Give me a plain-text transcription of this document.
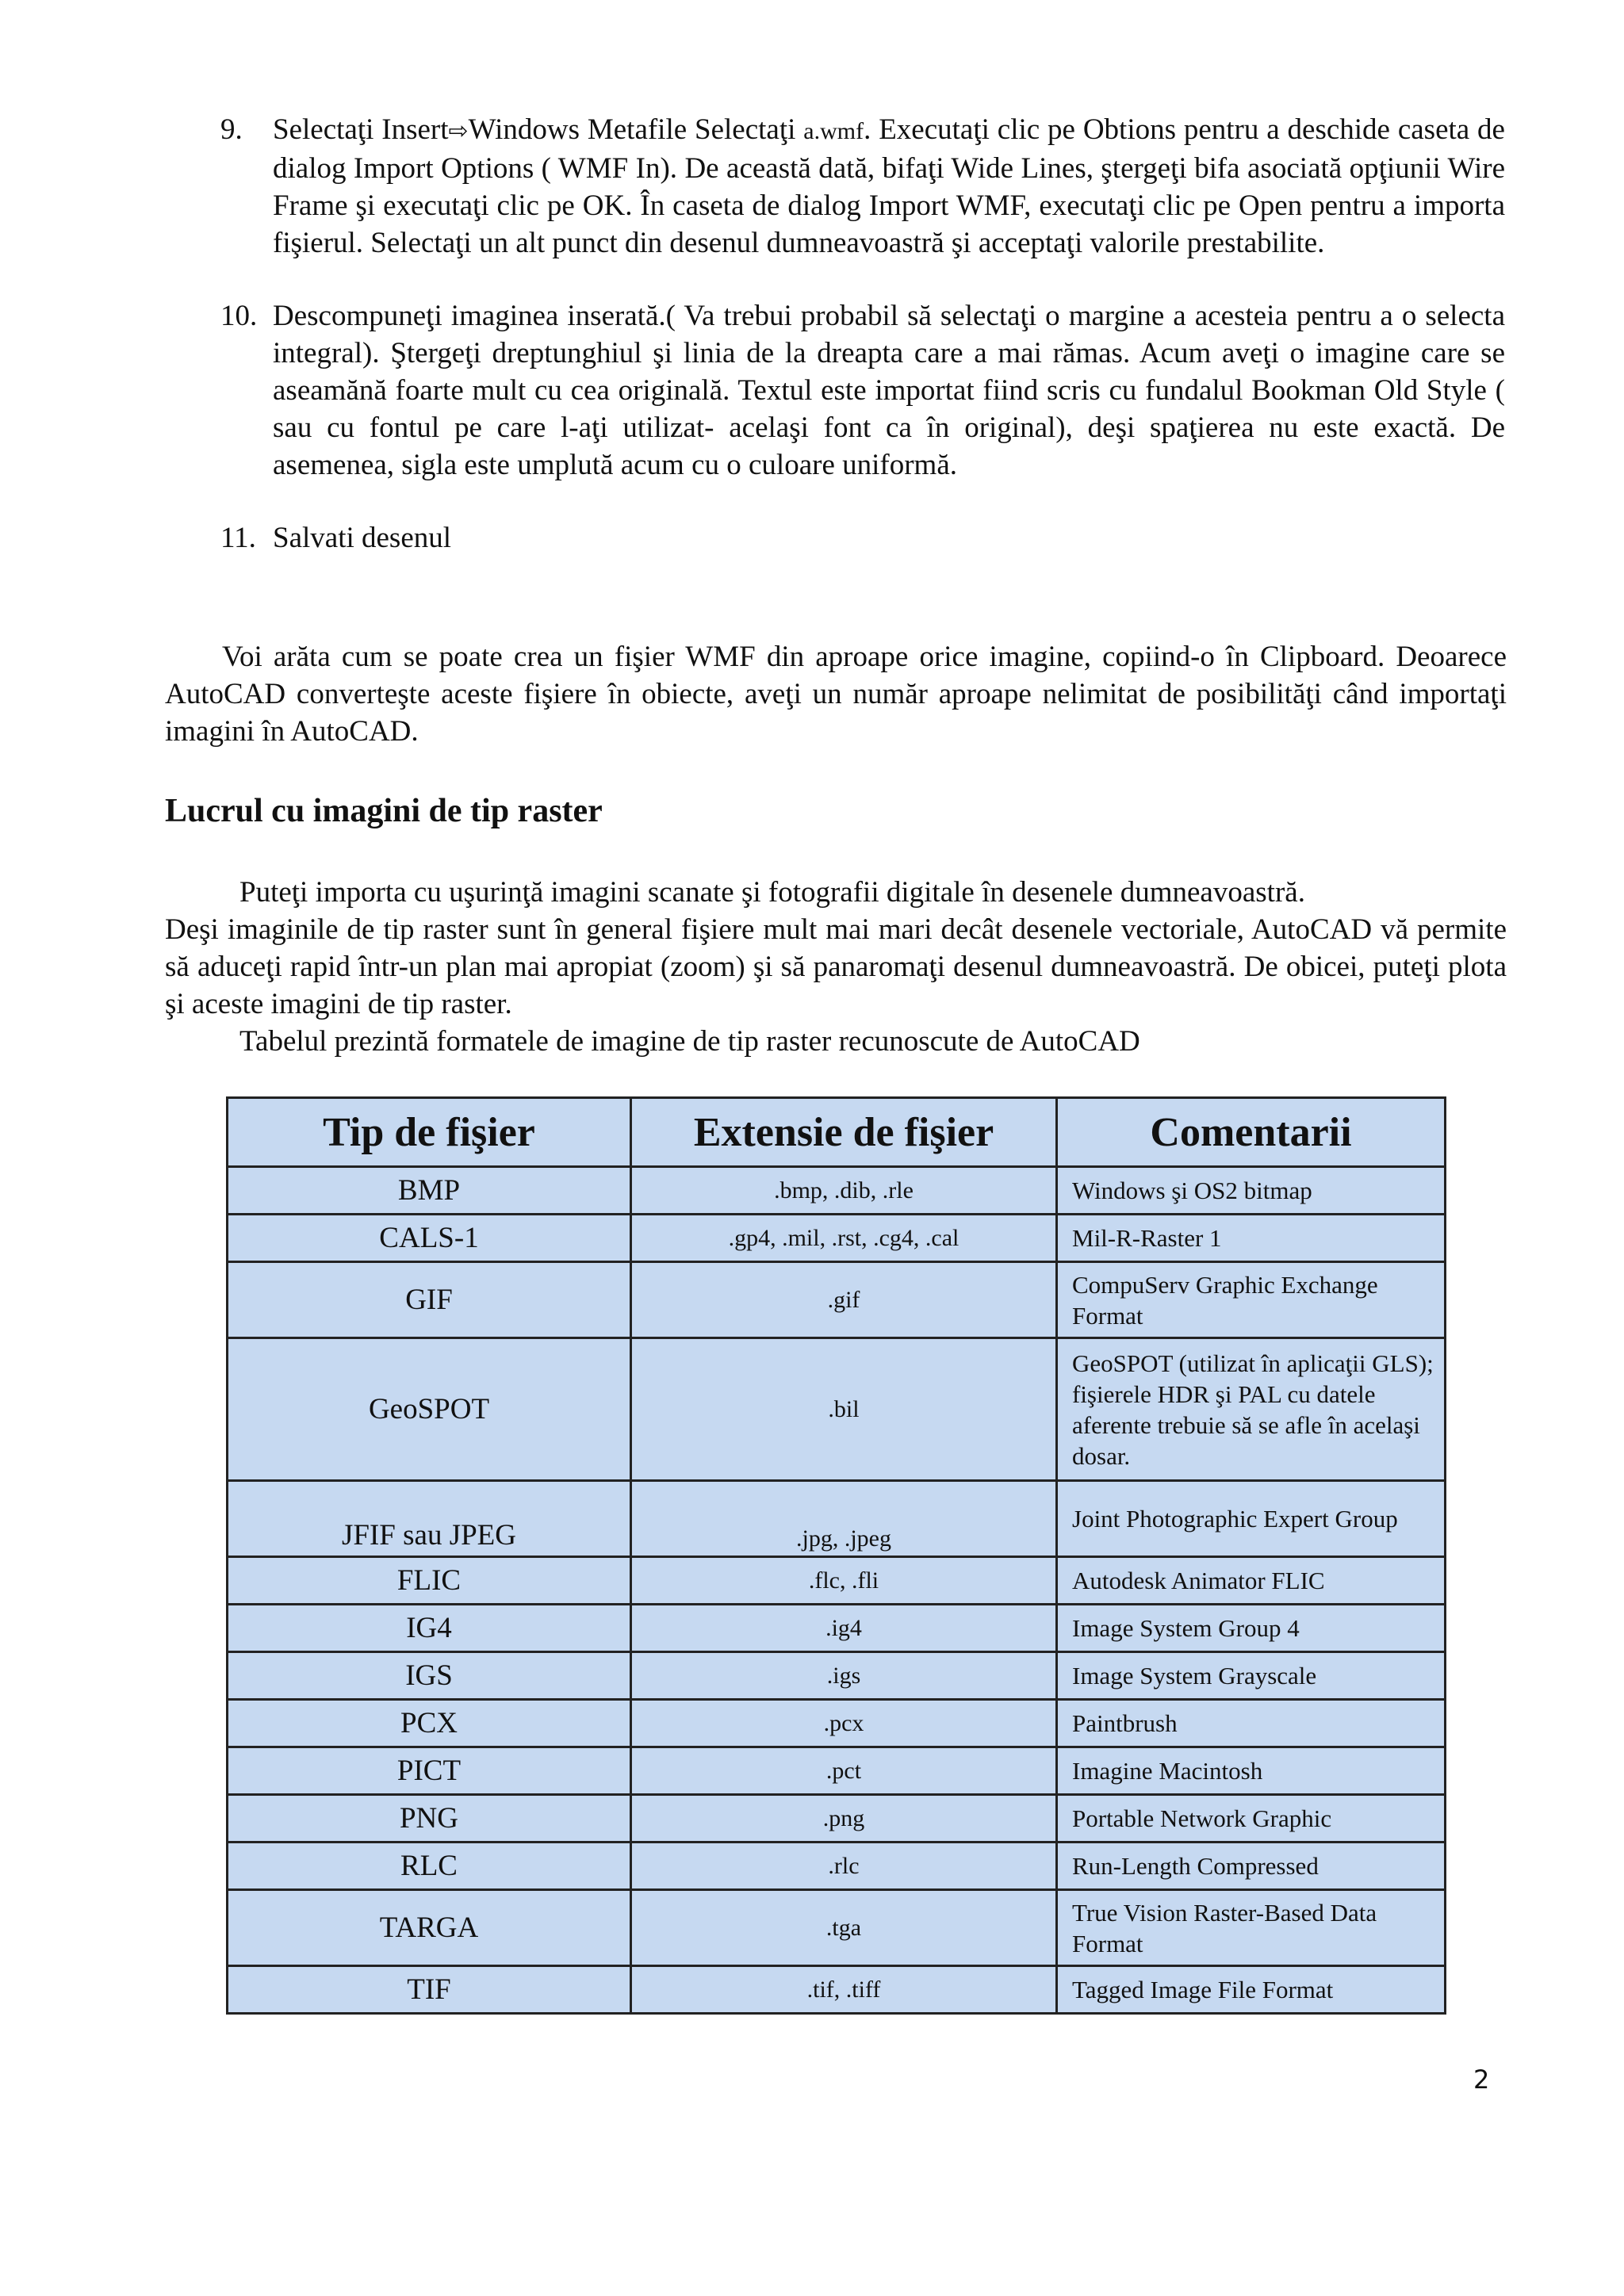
9. Selectaţi Insert⇨Windows Metafile Selectaţi a.wmf. Executaţi clic pe Obtions pentru a deschide caseta de dialog Import Options ( WMF In). De această dată, bifaţi Wide Lines, ştergeţi bifa asociată opţiunii Wire Frame şi executaţi clic pe OK. În caseta de dialog Import WMF, executaţi clic pe Open pentru a importa fişierul. Selectaţi un alt punct din desenul dumneavoastră şi acceptaţi valorile prestabilite.
10. Descompuneţi imaginea inserată.( Va trebui probabil să selectaţi o margine a acesteia pentru a o selecta integral). Ştergeţi dreptunghiul şi linia de la dreapta care a mai rămas. Acum aveţi o imagine care se aseamănă foarte mult cu cea originală. Textul este importat fiind scris cu fundalul Bookman Old Style ( sau cu fontul pe care l-aţi utilizat- acelaşi font ca în original), deşi spaţierea nu este exactă. De asemenea, sigla este umplută acum cu o culoare uniformă.
11. Salvati desenul

Voi arăta cum se poate crea un fişier WMF din aproape orice imagine, copiind-o în Clipboard. Deoarece AutoCAD converteşte aceste fişiere în obiecte, aveţi un număr aproape nelimitat de posibilităţi când importaţi imagini în AutoCAD.

Lucrul cu imagini de tip raster

Puteţi importa cu uşurinţă imagini scanate şi fotografii digitale în desenele dumneavoastră.

Deşi imaginile de tip raster sunt în general fişiere mult mai mari decât desenele vectoriale, AutoCAD vă permite să aduceţi rapid într-un plan mai apropiat (zoom) şi să panaromaţi desenul dumneavoastră. De obicei, puteţi plota şi aceste imagini de tip raster.

Tabelul prezintă formatele de imagine de tip raster recunoscute de AutoCAD

Tip de fişier	Extensie de fişier	Comentarii
BMP	.bmp, .dib, .rle	Windows şi OS2 bitmap
CALS-1	.gp4, .mil, .rst, .cg4, .cal	Mil-R-Raster 1
GIF	.gif	CompuServ Graphic Exchange Format
GeoSPOT	.bil	GeoSPOT (utilizat în aplicaţii GLS); fişierele HDR şi PAL cu datele aferente trebuie să se afle în acelaşi dosar.
JFIF sau JPEG	.jpg, .jpeg	Joint Photographic Expert Group
FLIC	.flc, .fli	Autodesk Animator FLIC
IG4	.ig4	Image System Group 4
IGS	.igs	Image System Grayscale
PCX	.pcx	Paintbrush
PICT	.pct	Imagine Macintosh
PNG	.png	Portable Network Graphic
RLC	.rlc	Run-Length Compressed
TARGA	.tga	True Vision Raster-Based Data Format
TIF	.tif, .tiff	Tagged Image File Format

2
